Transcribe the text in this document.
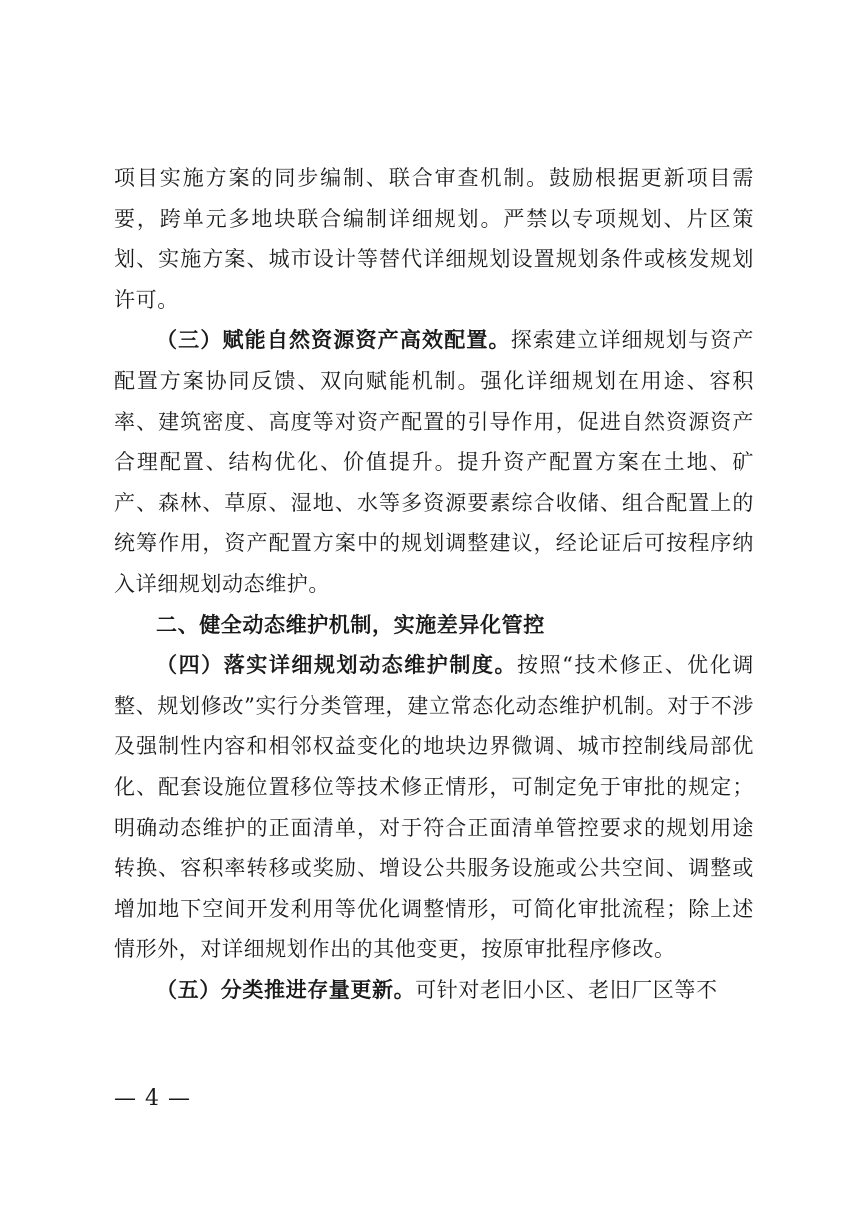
项目实施方案的同步编制、联合审查机制。鼓励根据更新项目需要，跨单元多地块联合编制详细规划。严禁以专项规划、片区策划、实施方案、城市设计等替代详细规划设置规划条件或核发规划许可。

（三）赋能自然资源资产高效配置。探索建立详细规划与资产配置方案协同反馈、双向赋能机制。强化详细规划在用途、容积率、建筑密度、高度等对资产配置的引导作用，促进自然资源资产合理配置、结构优化、价值提升。提升资产配置方案在土地、矿产、森林、草原、湿地、水等多资源要素综合收储、组合配置上的统筹作用，资产配置方案中的规划调整建议，经论证后可按程序纳入详细规划动态维护。

二、健全动态维护机制，实施差异化管控

（四）落实详细规划动态维护制度。按照“技术修正、优化调整、规划修改”实行分类管理，建立常态化动态维护机制。对于不涉及强制性内容和相邻权益变化的地块边界微调、城市控制线局部优化、配套设施位置移位等技术修正情形，可制定免于审批的规定；明确动态维护的正面清单，对于符合正面清单管控要求的规划用途转换、容积率转移或奖励、增设公共服务设施或公共空间、调整或增加地下空间开发利用等优化调整情形，可简化审批流程；除上述情形外，对详细规划作出的其他变更，按原审批程序修改。

（五）分类推进存量更新。可针对老旧小区、老旧厂区等不

— 4 —
